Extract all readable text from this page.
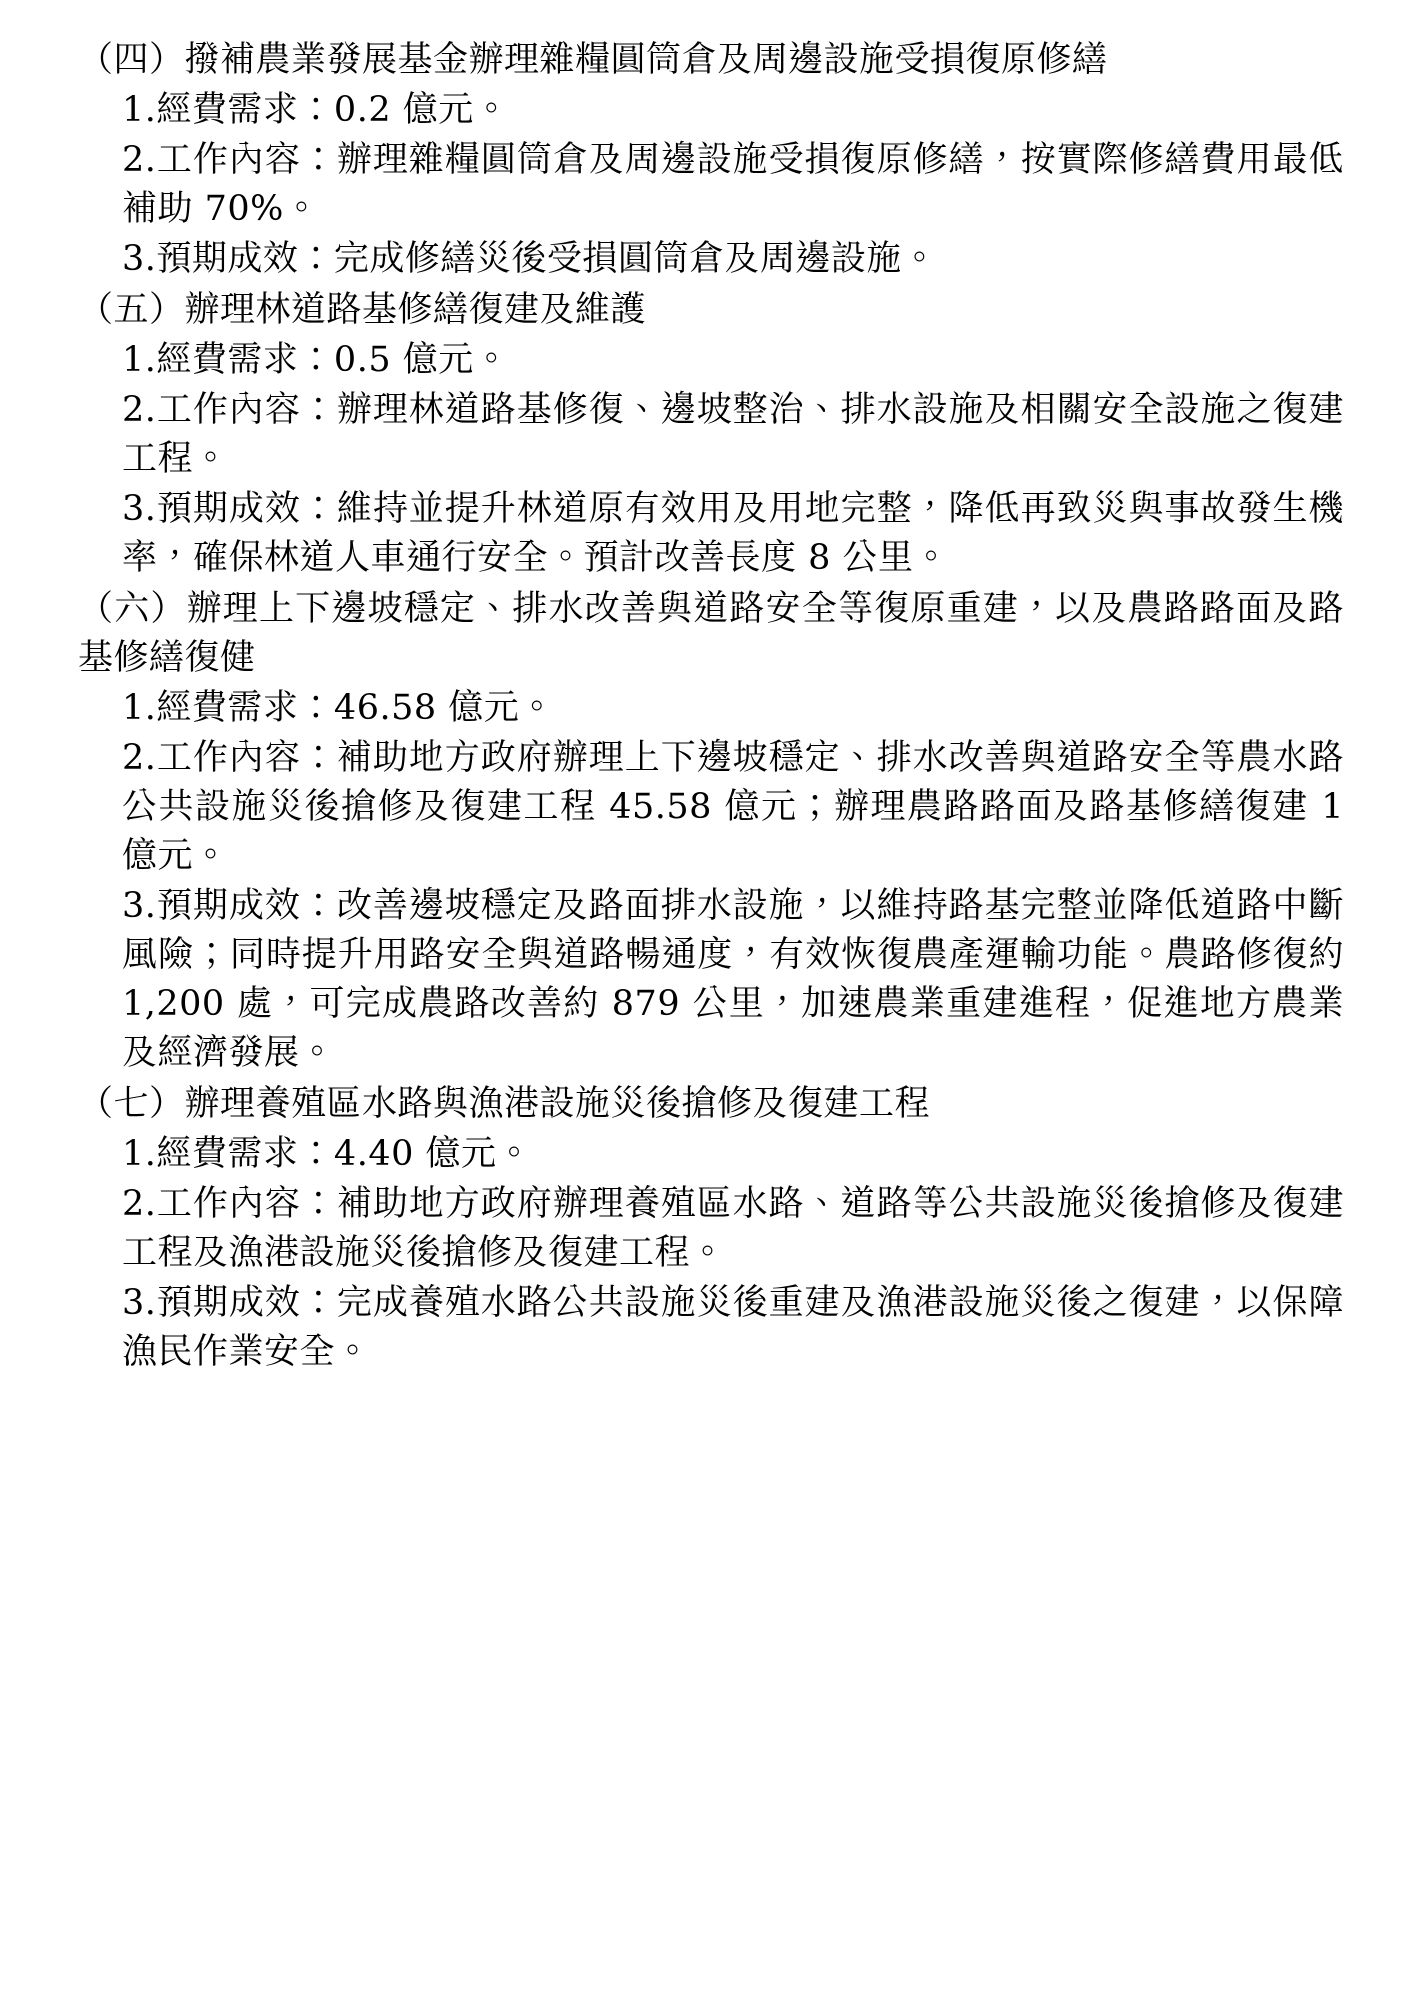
（四）撥補農業發展基金辦理雜糧圓筒倉及周邊設施受損復原修繕
1.經費需求：0.2 億元。
2.工作內容：辦理雜糧圓筒倉及周邊設施受損復原修繕，按實際修繕費用最低補助 70%。
3.預期成效：完成修繕災後受損圓筒倉及周邊設施。
（五）辦理林道路基修繕復建及維護
1.經費需求：0.5 億元。
2.工作內容：辦理林道路基修復、邊坡整治、排水設施及相關安全設施之復建工程。
3.預期成效：維持並提升林道原有效用及用地完整，降低再致災與事故發生機率，確保林道人車通行安全。預計改善長度 8 公里。
（六）辦理上下邊坡穩定、排水改善與道路安全等復原重建，以及農路路面及路基修繕復健
1.經費需求：46.58 億元。
2.工作內容：補助地方政府辦理上下邊坡穩定、排水改善與道路安全等農水路公共設施災後搶修及復建工程 45.58 億元；辦理農路路面及路基修繕復建 1 億元。
3.預期成效：改善邊坡穩定及路面排水設施，以維持路基完整並降低道路中斷風險；同時提升用路安全與道路暢通度，有效恢復農產運輸功能。農路修復約 1,200 處，可完成農路改善約 879 公里，加速農業重建進程，促進地方農業及經濟發展。
（七）辦理養殖區水路與漁港設施災後搶修及復建工程
1.經費需求：4.40 億元。
2.工作內容：補助地方政府辦理養殖區水路、道路等公共設施災後搶修及復建工程及漁港設施災後搶修及復建工程。
3.預期成效：完成養殖水路公共設施災後重建及漁港設施災後之復建，以保障漁民作業安全。
